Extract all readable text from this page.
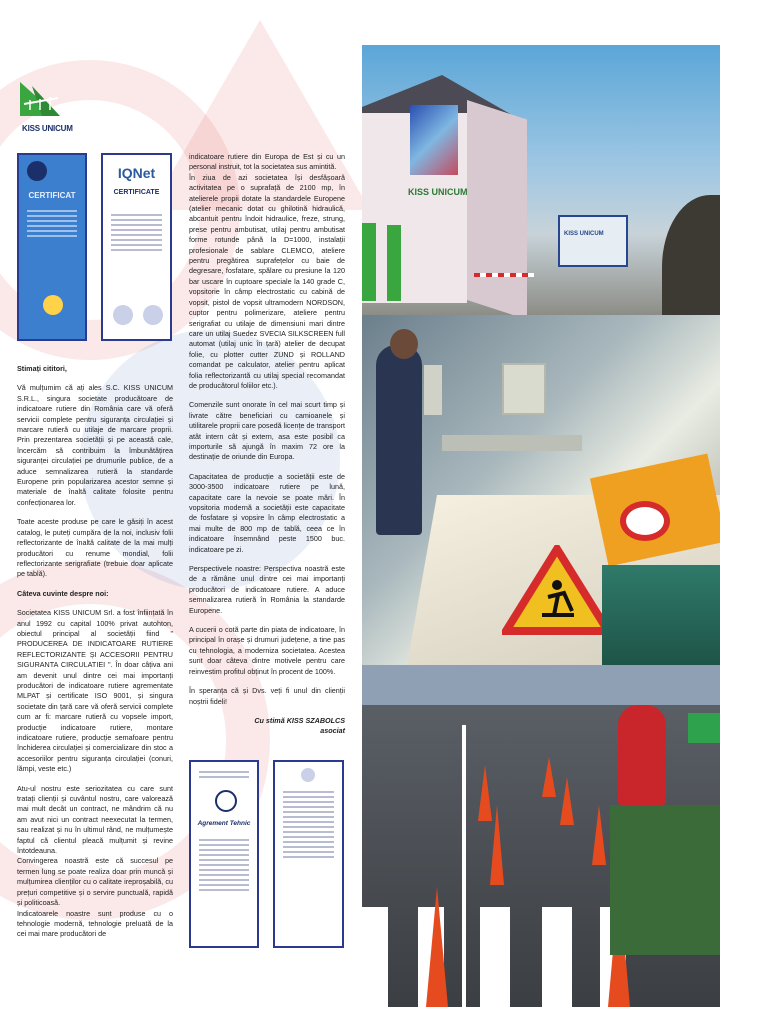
KISS UNICUM
CERTIFICAT
IQNet
CERTIFICATE

Stimați cititori,

Vă mulțumim că ați ales S.C. KISS UNICUM S.R.L., singura societate producătoare de indicatoare rutiere din România care vă oferă servicii complete pentru siguranța circulației și marcare rutieră cu utilaje de marcare proprii. Prin prezentarea societății și pe această cale, încercăm să contribuim la îmbunătățirea siguranței circulației pe drumurile publice, de a aduce semnalizarea rutieră la standarde Europene prin popularizarea acestor semne și materiale de înaltă calitate folosite pentru confecționarea lor.

Toate aceste produse pe care le găsiți în acest catalog, le puteți cumpăra de la noi, inclusiv folii reflectorizante de înaltă calitate de la mai mulți producători cu renume mondial, folii reflectorizante serigrafiate (trebuie doar aplicate pe tablă).

Câteva cuvinte despre noi:

Societatea KISS UNICUM Srl. a fost înființată în anul 1992 cu capital 100% privat autohton, obiectul principal al societății fiind " PRODUCEREA DE INDICATOARE RUTIERE REFLECTORIZANTE ȘI ACCESORII PENTRU SIGURANTA CIRCULATIEI ". În doar câțiva ani am devenit unul dintre cei mai importanți producători de indicatoare rutiere agrementate MLPAT și certificate ISO 9001, și singura societate din țară care vă oferă servicii complete cum ar fi: marcare rutieră cu vopsele import, producție indicatoare rutiere, montare indicatoare rutiere, producție semafoare pentru închiderea circulației și comercializare din stoc a accesoriilor pentru siguranța circulației (conuri, lămpi, veste etc.)

Atu-ul nostru este seriozitatea cu care sunt tratați clienții și cuvântul nostru, care valorează mai mult decât un contract, ne mândrim că nu am avut nici un contract neexecutat la termen, sau realizat și nu în ultimul rând, ne mulțumește faptul că clientul pleacă mulțumit și revine întotdeauna.

Convingerea noastră este că succesul pe termen lung se poate realiza doar prin muncă și mulțumirea clienților cu o calitate ireproșabilă, cu prețuri competitive și o servire punctuală, rapidă și politicoasă.

Indicatoarele noastre sunt produse cu o tehnologie modernă, tehnologie preluată de la cei mai mare producători de

indicatoare rutiere din Europa de Est și cu un personal instruit, tot la societatea sus amintită.

În ziua de azi societatea își desfășoară activitatea pe o suprafață de 2100 mp, în atelierele propii dotate la standardele Europene (atelier mecanic dotat cu ghilotină hidraulică, abcantuit pentru îndoit hidraulice, freze, strung, prese pentru ambutisat, utilaj pentru ambutisat forme rotunde până la D=1000, instalații profesionale de sablare CLEMCO, ateliere pentru pregătirea suprafețelor cu baie de degresare, fosfatare, spălare cu presiune la 120 bar uscare în cuptoare speciale la 140 grade C, vopsitorie în câmp electrostatic cu cabină de vopsit, pistol de vopsit ultramodern NORDSON, cuptor pentru polimerizare, ateliere pentru serigrafiat cu utilaje de dimensiuni mari dintre care un utilaj Suedez SVECIA SILKSCREEN full automat (utilaj unic în țară) atelier de decupat folie, cu plotter cutter ZUND și ROLLAND comandat pe calculator, atelier pentru aplicat folia reflectorizantă cu utilaj special recomandat de producătorul foliilor etc.).

Comenzile sunt onorate în cel mai scurt timp și livrate către beneficiari cu camioanele și utilitarele proprii care posedă licențe de transport atât intern cât și extern, asa este posibil ca importurile să ajungă în maxim 72 ore la destinație de oriunde din Europa.

Capacitatea de producție a societății este de 3000-3500 indicatoare rutiere pe lună, capacitate care la nevoie se poate mări. În vopsitoria modernă a societății este capacitate de fosfatare și vopsire în câmp electrostatic a mai multe de 800 mp de tablă, ceea ce în indicatoare însemnând peste 1500 buc. indicatoare pe zi.

Perspectivele noastre: Perspectiva noastră este de a rămâne unul dintre cei mai importanți producători de indicatoare rutiere. A aduce semnalizarea rutieră în România la standarde Europene.

A cucerii o cotă parte din piata de indicatoare, în principal în orașe și drumuri județene, a tine pas cu tehnologia, a moderniza societatea. Acestea sunt doar câteva dintre motivele pentru care reinvestim profitul obținut în procent de 100%.

În speranța că și Dvs. veți fi unul din clienții noștrii fideli!

Cu stimă KISS SZABOLCS

asociat

Agrement Tehnic
KISS UNICUM
KISS UNICUM
